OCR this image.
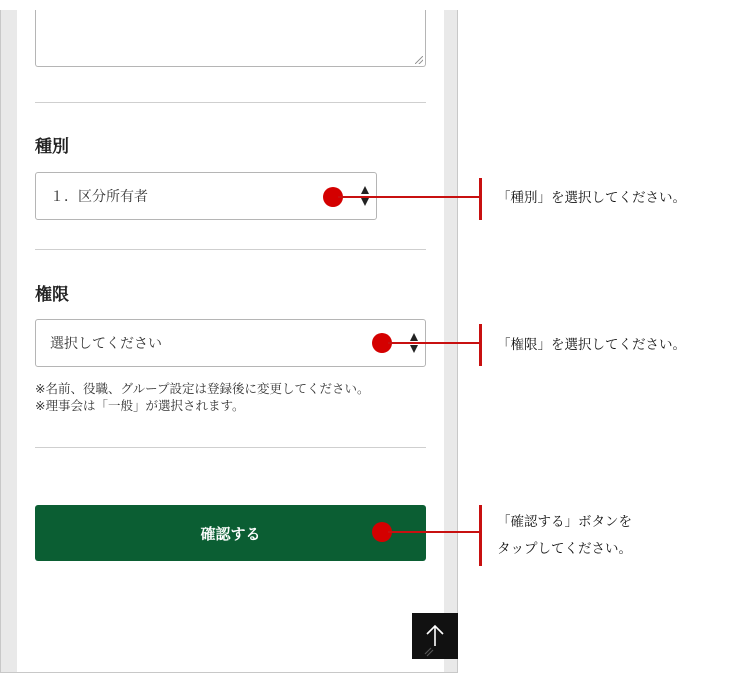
種別
１．区分所有者
権限
選択してください
※名前、役職、グループ設定は登録後に変更してください。
※理事会は「一般」が選択されます。
確認する
「種別」を選択してください。
「権限」を選択してください。
「確認する」ボタンを
タップしてください。
